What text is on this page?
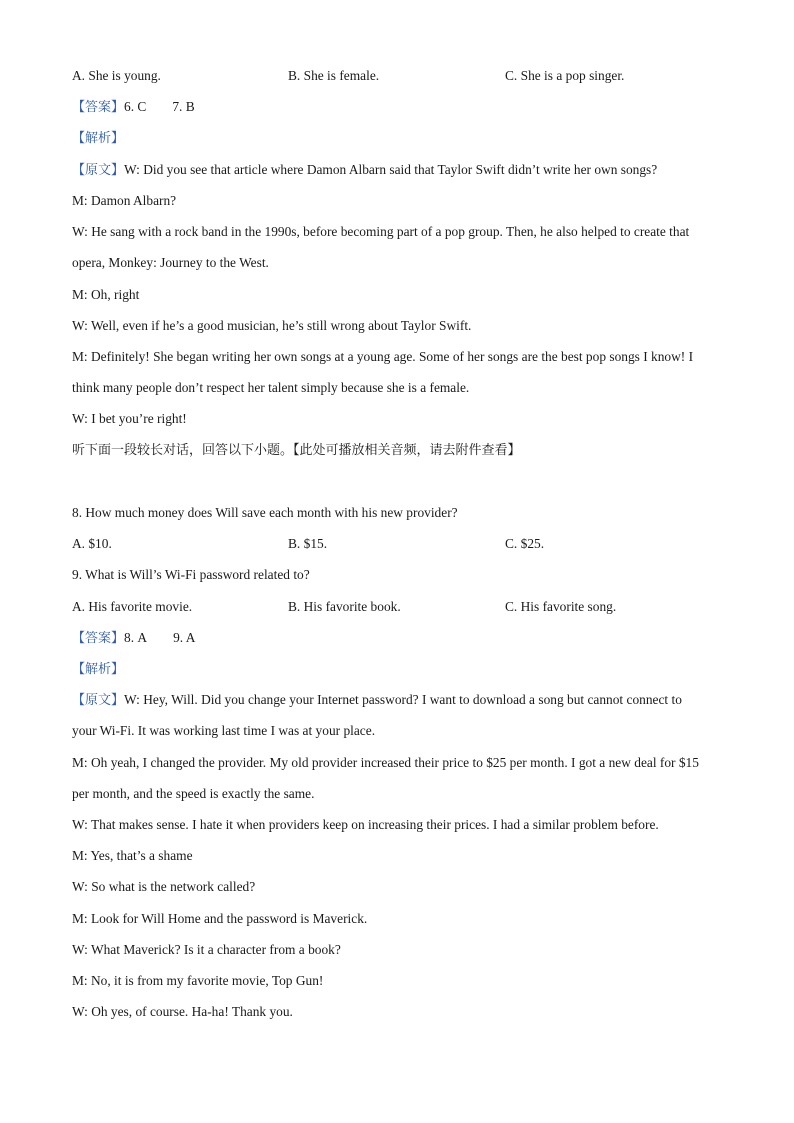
A. She is young.	B. She is female.	C. She is a pop singer.
【答案】6. C 7. B
【解析】
【原文】W: Did you see that article where Damon Albarn said that Taylor Swift didn’t write her own songs?
M: Damon Albarn?
W: He sang with a rock band in the 1990s, before becoming part of a pop group. Then, he also helped to create that
opera, Monkey: Journey to the West.
M: Oh, right
W: Well, even if he’s a good musician, he’s still wrong about Taylor Swift.
M: Definitely! She began writing her own songs at a young age. Some of her songs are the best pop songs I know! I
think many people don’t respect her talent simply because she is a female.
W: I bet you’re right!
听下面一段较长对话，回答以下小题。【此处可播放相关音频，请去附件查看】
8. How much money does Will save each month with his new provider?
A. $10.	B. $15.	C. $25.
9. What is Will’s Wi-Fi password related to?
A. His favorite movie.	B. His favorite book.	C. His favorite song.
【答案】8. A 9. A
【解析】
【原文】W: Hey, Will. Did you change your Internet password? I want to download a song but cannot connect to
your Wi-Fi. It was working last time I was at your place.
M: Oh yeah, I changed the provider. My old provider increased their price to $25 per month. I got a new deal for $15
per month, and the speed is exactly the same.
W: That makes sense. I hate it when providers keep on increasing their prices. I had a similar problem before.
M: Yes, that’s a shame
W: So what is the network called?
M: Look for Will Home and the password is Maverick.
W: What Maverick? Is it a character from a book?
M: No, it is from my favorite movie, Top Gun!
W: Oh yes, of course. Ha-ha! Thank you.
